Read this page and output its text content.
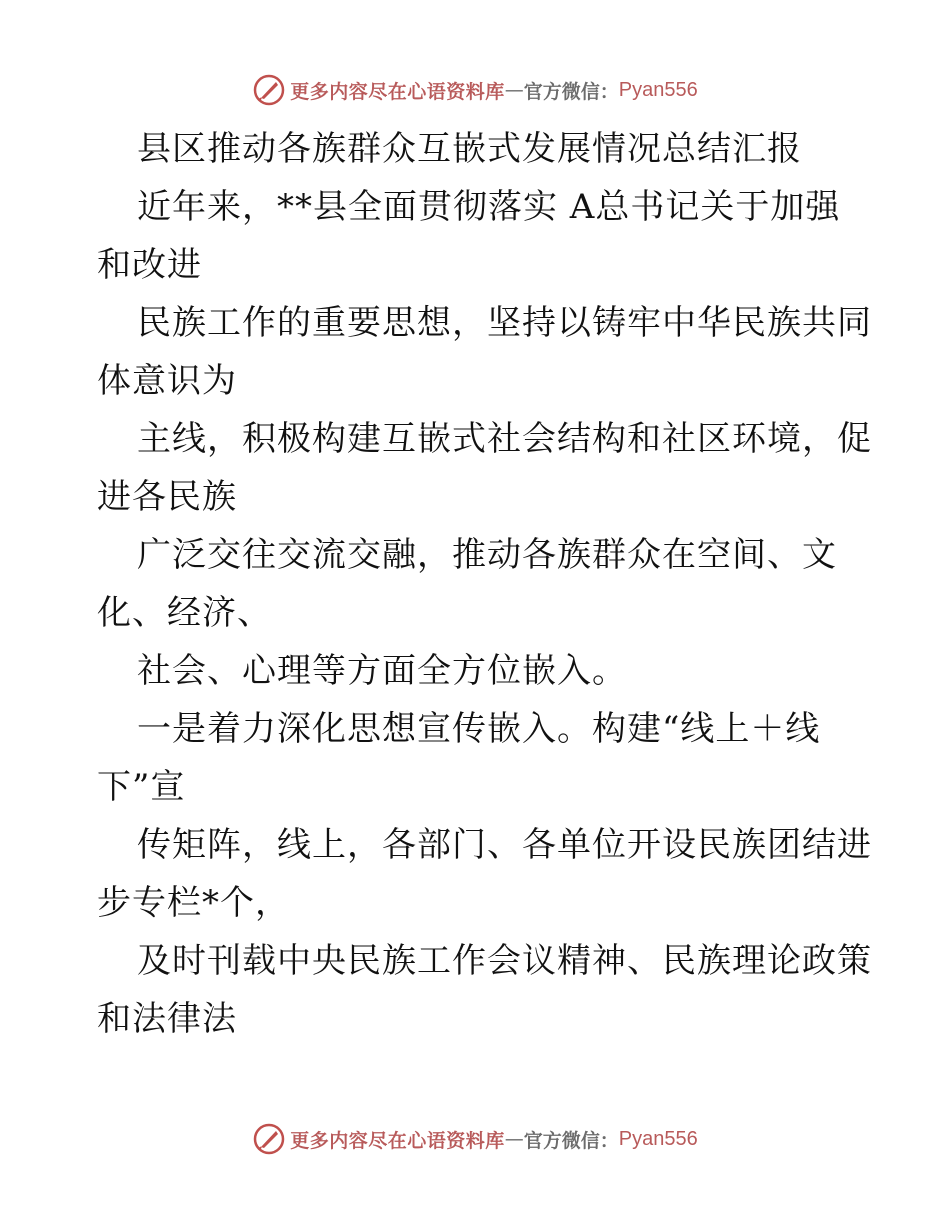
更多内容尽在心语资料库 — 官方微信： Pyan556
县区推动各族群众互嵌式发展情况总结汇报
近年来，**县全面贯彻落实 A总书记关于加强
和改进
民族工作的重要思想，坚持以铸牢中华民族共同
体意识为
主线，积极构建互嵌式社会结构和社区环境，促
进各民族
广泛交往交流交融，推动各族群众在空间、文
化、经济、
社会、心理等方面全方位嵌入。
一是着力深化思想宣传嵌入。构建“线上＋线
下”宣
传矩阵，线上，各部门、各单位开设民族团结进
步专栏*个，
及时刊载中央民族工作会议精神、民族理论政策
和法律法
更多内容尽在心语资料库 — 官方微信： Pyan556
